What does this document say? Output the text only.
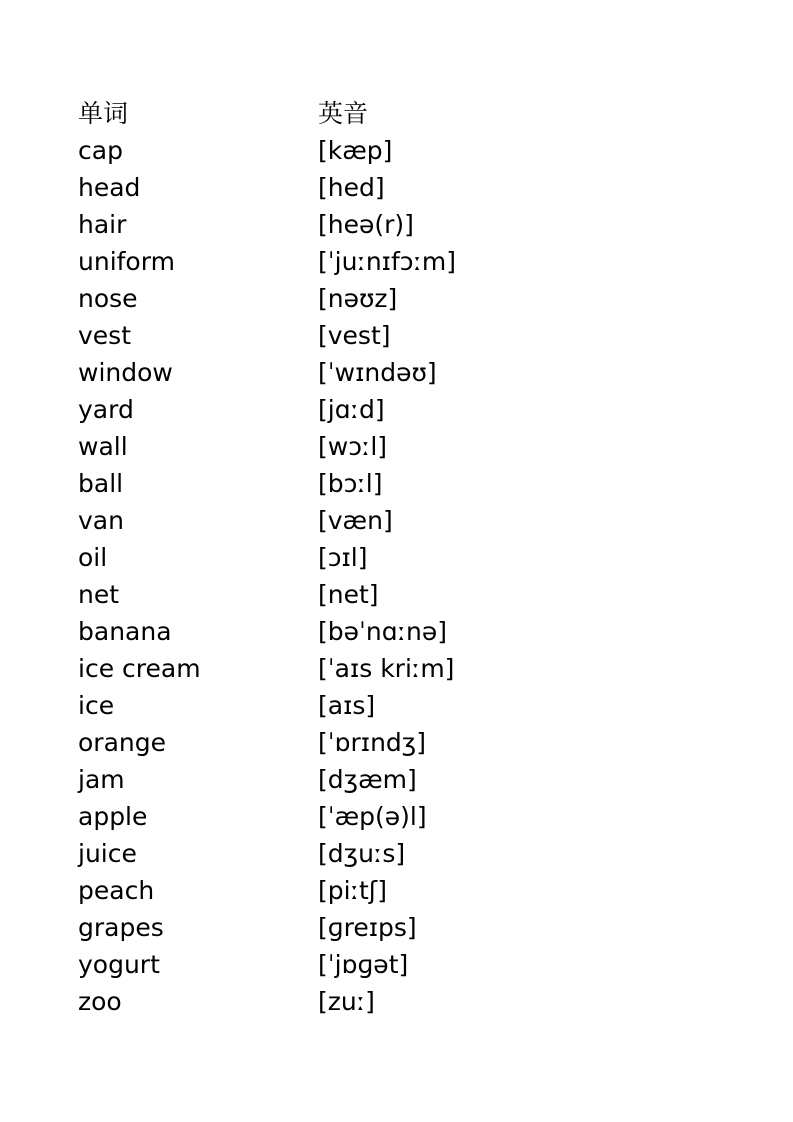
单词	英音
cap	[kæp]
head	[hed]
hair	[heə(r)]
uniform	[ˈjuːnɪfɔːm]
nose	[nəʊz]
vest	[vest]
window	[ˈwɪndəʊ]
yard	[jɑːd]
wall	[wɔːl]
ball	[bɔːl]
van	[væn]
oil	[ɔɪl]
net	[net]
banana	[bəˈnɑːnə]
ice cream	[ˈaɪs kriːm]
ice	[aɪs]
orange	[ˈɒrɪndʒ]
jam	[dʒæm]
apple	[ˈæp(ə)l]
juice	[dʒuːs]
peach	[piːtʃ]
grapes	[ɡreɪps]
yogurt	[ˈjɒɡət]
zoo	[zuː]
